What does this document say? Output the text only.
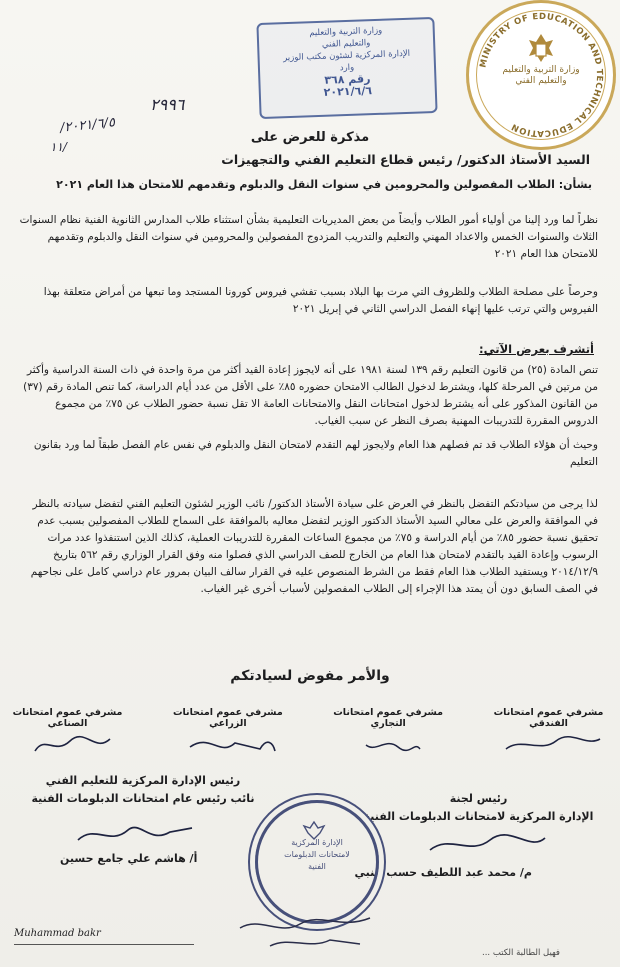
وزارة التربية والتعليم
والتعليم الفني
الإدارة المركزية لشئون مكتب الوزير
وارد
رقم ٣٦٨
٢٠٢١/٦/٦
MINISTRY OF EDUCATION AND TECHNICAL EDUCATION
وزارة التربية والتعليم والتعليم الفني
٢٩٩٦
/٢٠٢١/٦/٥
١١/
مذكرة للعرض على
السيد الأستاذ الدكتور/ رئيس قطاع التعليم الفني والتجهيزات
بشأن: الطلاب المفصولين والمحرومين في سنوات النقل والدبلوم وتقدمهم للامتحان هذا العام ٢٠٢١
نظراً لما ورد إلينا من أولياء أمور الطلاب وأيضاً من بعض المديريات التعليمية بشأن استثناء طلاب المدارس الثانوية الفنية نظام السنوات الثلاث والسنوات الخمس والاعداد المهني والتعليم والتدريب المزدوج المفصولين والمحرومين في سنوات النقل والدبلوم وتقدمهم للامتحان هذا العام ٢٠٢١
وحرصاً على مصلحة الطلاب وللظروف التي مرت بها البلاد بسبب تفشي فيروس كورونا المستجد وما تبعها من أمراض متعلقة بهذا الفيروس والتي ترتب عليها إنهاء الفصل الدراسي الثاني في إبريل ٢٠٢١
أتشرف بعرض الآتي:
تنص المادة (٢٥) من قانون التعليم رقم ١٣٩ لسنة ١٩٨١ على أنه لايجوز إعادة القيد أكثر من مرة واحدة في ذات السنة الدراسية وأكثر من مرتين في المرحلة كلها، ويشترط لدخول الطالب الامتحان حضوره ٨٥٪ على الأقل من عدد أيام الدراسة، كما تنص المادة رقم (٣٧) من القانون المذكور على أنه يشترط لدخول امتحانات النقل والامتحانات العامة الا تقل نسبة حضور الطلاب عن ٧٥٪ من مجموع الدروس المقررة للتدريبات المهنية بصرف النظر عن سبب الغياب.
وحيث أن هؤلاء الطلاب قد تم فصلهم هذا العام ولايجوز لهم التقدم لامتحان النقل والدبلوم في نفس عام الفصل طبقاً لما ورد بقانون التعليم
لذا يرجى من سيادتكم التفضل بالنظر في العرض على سيادة الأستاذ الدكتور/ نائب الوزير لشئون التعليم الفني لتفضل سيادته بالنظر في الموافقة والعرض على معالي السيد الأستاذ الدكتور الوزير لتفضل معاليه بالموافقة على السماح للطلاب المفصولين بسبب عدم تحقيق نسبة حضور ٨٥٪ من أيام الدراسة و ٧٥٪ من مجموع الساعات المقررة للتدريبات العملية، كذلك الذين استنفذوا عدد مرات الرسوب وإعادة القيد بالتقدم لامتحان هذا العام من الخارج للصف الدراسي الذي فصلوا منه وفق القرار الوزاري رقم ٥٦٢ بتاريخ ٢٠١٤/١٢/٩ ويستفيد الطلاب هذا العام فقط من الشرط المنصوص عليه في القرار سالف البيان بمرور عام دراسي كامل على نجاحهم في الصف السابق دون أن يمتد هذا الإجراء إلى الطلاب المفصولين لأسباب أخرى غير الغياب.
والأمر مفوض لسيادتكم
مشرفي عموم امتحانات الصناعي
مشرفي عموم امتحانات الزراعي
مشرفي عموم امتحانات التجاري
مشرفي عموم امتحانات الفندقي
رئيس لجنة
الإدارة المركزية لامتحانات الدبلومات الفنية
م/ محمد عبد اللطيف حسب النبي
رئيس الإدارة المركزية للتعليم الفني
نائب رئيس عام امتحانات الدبلومات الفنية
أ/ هاشم علي جامع حسين
الإدارة المركزية لامتحانات الدبلومات الفنية
Muhammad bakr
فهيل الطالبة الكتب ...
